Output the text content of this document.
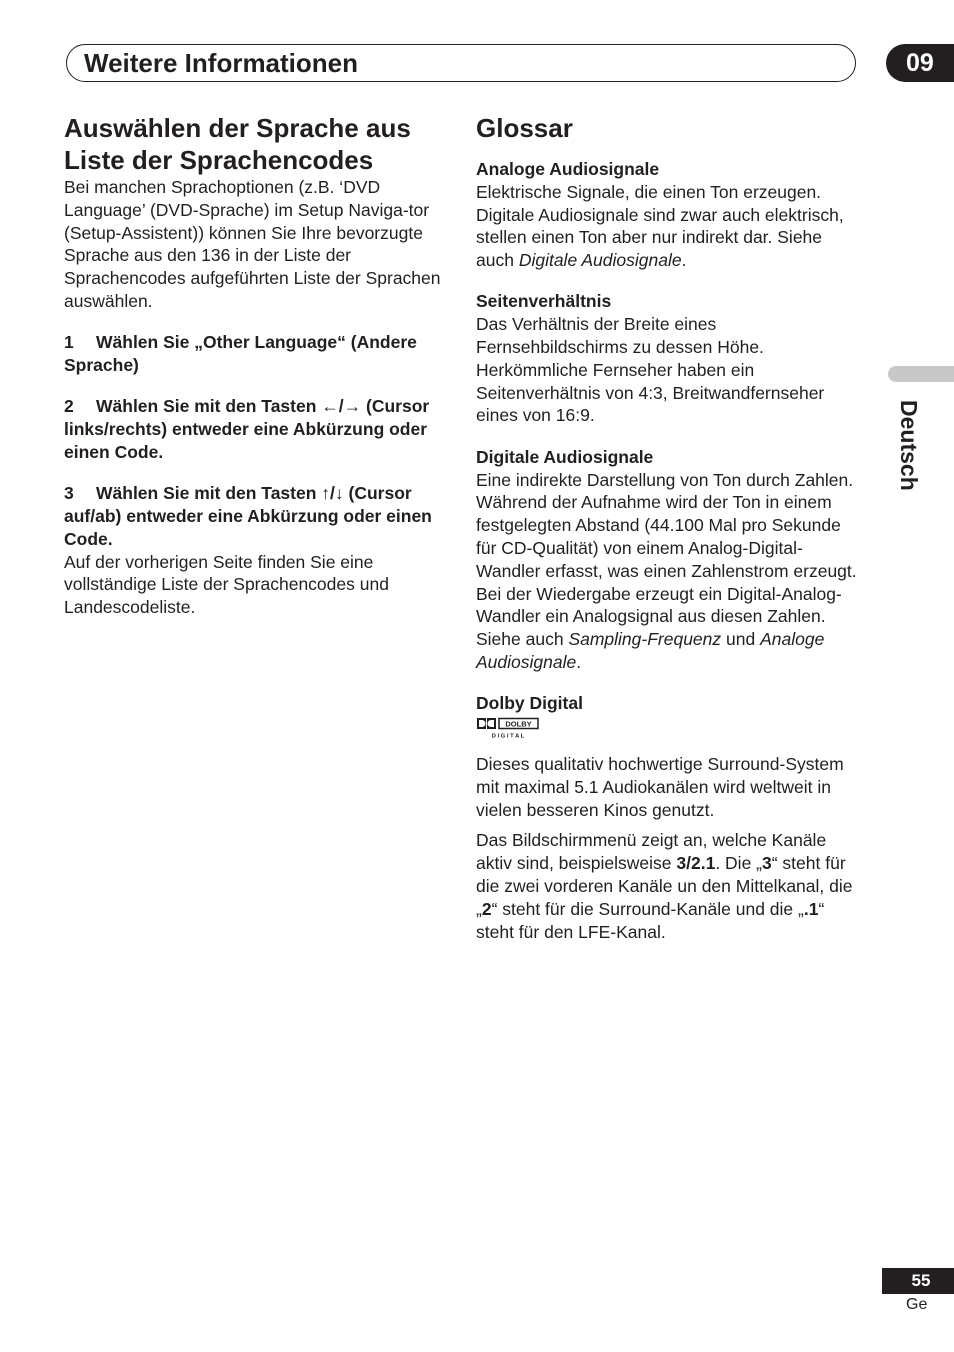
Weitere Informationen	09
Deutsch
Auswählen der Sprache aus Liste der Sprachencodes

Bei manchen Sprachoptionen (z.B. ‘DVD Language’ (DVD-Sprache) im Setup Naviga-tor (Setup-Assistent)) können Sie Ihre bevorzugte Sprache aus den 136 in der Liste der Sprachencodes aufgeführten Liste der Sprachen auswählen.

1 Wählen Sie „Other Language“ (Andere Sprache)

2 Wählen Sie mit den Tasten ←/→ (Cursor links/rechts) entweder eine Abkürzung oder einen Code.

3 Wählen Sie mit den Tasten ↑/↓ (Cursor auf/ab) entweder eine Abkürzung oder einen Code.

Auf der vorherigen Seite finden Sie eine vollständige Liste der Sprachencodes und Landescodeliste.

Glossar

Analoge Audiosignale

Elektrische Signale, die einen Ton erzeugen. Digitale Audiosignale sind zwar auch elektrisch, stellen einen Ton aber nur indirekt dar. Siehe auch Digitale Audiosignale.

Seitenverhältnis

Das Verhältnis der Breite eines Fernsehbildschirms zu dessen Höhe. Herkömmliche Fernseher haben ein Seitenverhältnis von 4:3, Breitwandfernseher eines von 16:9.

Digitale Audiosignale

Eine indirekte Darstellung von Ton durch Zahlen. Während der Aufnahme wird der Ton in einem festgelegten Abstand (44.100 Mal pro Sekunde für CD-Qualität) von einem Analog-Digital-Wandler erfasst, was einen Zahlenstrom erzeugt. Bei der Wiedergabe erzeugt ein Digital-Analog-Wandler ein Analogsignal aus diesen Zahlen. Siehe auch Sampling-Frequenz und Analoge Audiosignale.

Dolby Digital

DOLBY
D I G I T A L

Dieses qualitativ hochwertige Surround-System mit maximal 5.1 Audiokanälen wird weltweit in vielen besseren Kinos genutzt.

Das Bildschirmmenü zeigt an, welche Kanäle aktiv sind, beispielsweise 3/2.1. Die „3“ steht für die zwei vorderen Kanäle un den Mittelkanal, die „2“ steht für die Surround-Kanäle und die „.1“ steht für den LFE-Kanal.

55
Ge
